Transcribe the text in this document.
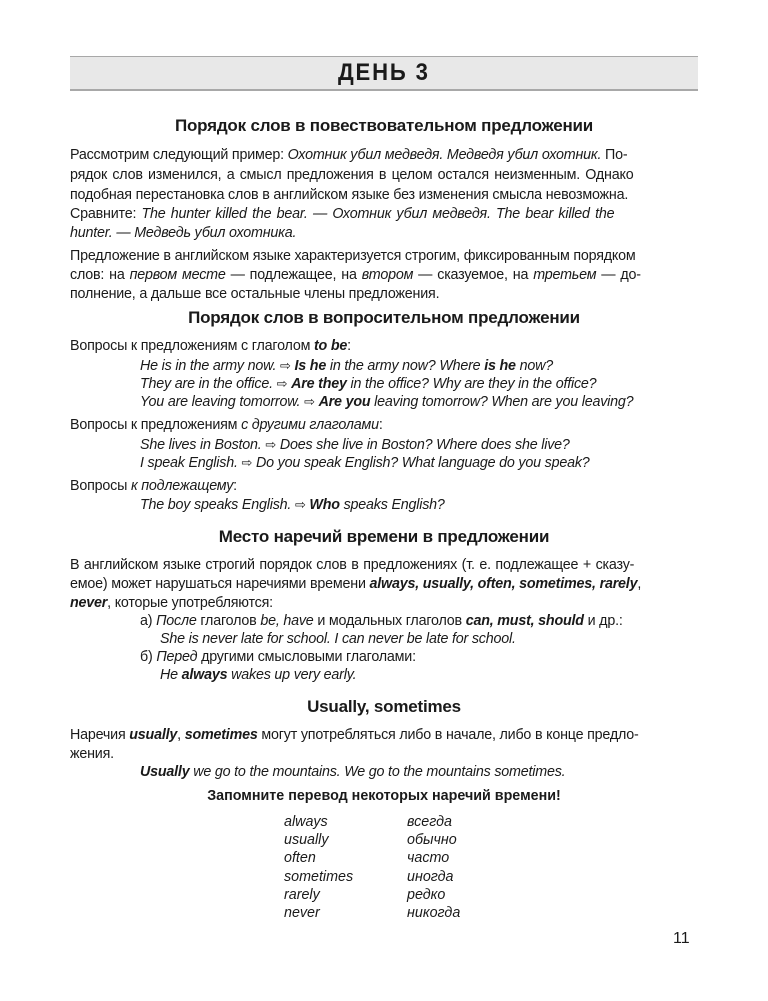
ДЕНЬ 3
Порядок слов в повествовательном предложении
Рассмотрим следующий пример: Охотник убил медведя. Медведя убил охотник. По-
рядок слов изменился, а смысл предложения в целом остался неизменным. Однако
подобная перестановка слов в английском языке без изменения смысла невозможна.
Сравните: The hunter killed the bear. — Охотник убил медведя. The bear killed the
hunter. — Медведь убил охотника.
Предложение в английском языке характеризуется строгим, фиксированным порядком
слов: на первом месте — подлежащее, на втором — сказуемое, на третьем — до-
полнение, а дальше все остальные члены предложения.
Порядок слов в вопросительном предложении
Вопросы к предложениям с глаголом to be:
He is in the army now. ⇨ Is he in the army now? Where is he now?
They are in the office. ⇨ Are they in the office? Why are they in the office?
You are leaving tomorrow. ⇨ Are you leaving tomorrow? When are you leaving?
Вопросы к предложениям с другими глаголами:
She lives in Boston. ⇨ Does she live in Boston? Where does she live?
I speak English. ⇨ Do you speak English? What language do you speak?
Вопросы к подлежащему:
The boy speaks English. ⇨ Who speaks English?
Место наречий времени в предложении
В английском языке строгий порядок слов в предложениях (т. е. подлежащее + сказу-
емое) может нарушаться наречиями времени always, usually, often, sometimes, rarely,
never, которые употребляются:
а) После глаголов be, have и модальных глаголов can, must, should и др.:
She is never late for school. I can never be late for school.
б) Перед другими смысловыми глаголами:
He always wakes up very early.
Usually, sometimes
Наречия usually, sometimes могут употребляться либо в начале, либо в конце предло-
жения.
Usually we go to the mountains. We go to the mountains sometimes.
Запомните перевод некоторых наречий времени!
always	всегда
usually	обычно
often	часто
sometimes	иногда
rarely	редко
never	никогда
11
